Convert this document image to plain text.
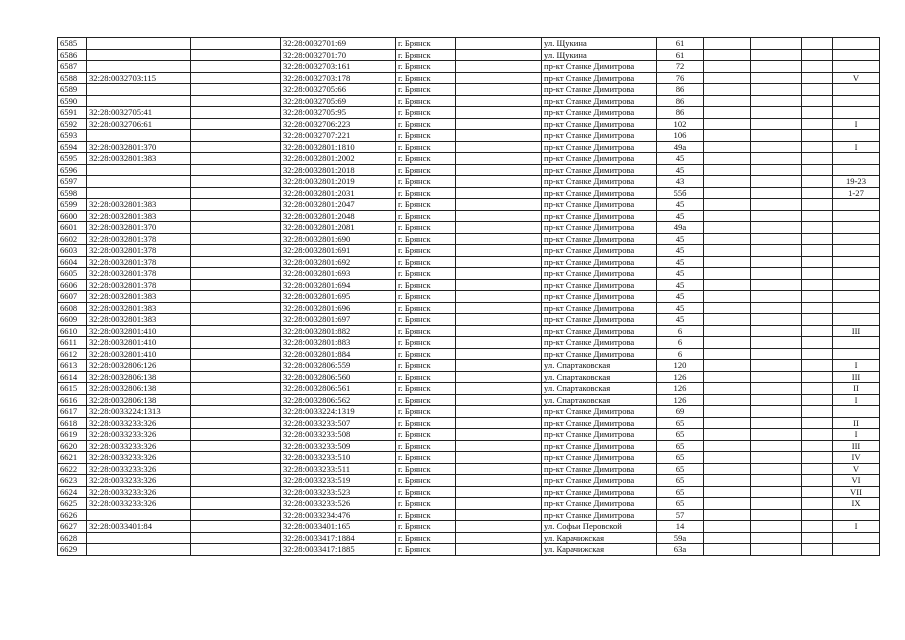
6585			32:28:0032701:69	г. Брянск		ул. Щукина	61				
6586			32:28:0032701:70	г. Брянск		ул. Щукина	61				
6587			32:28:0032703:161	г. Брянск		пр-кт Станке Димитрова	72				
6588	32:28:0032703:115		32:28:0032703:178	г. Брянск		пр-кт Станке Димитрова	76				V
6589			32:28:0032705:66	г. Брянск		пр-кт Станке Димитрова	86				
6590			32:28:0032705:69	г. Брянск		пр-кт Станке Димитрова	86				
6591	32:28:0032705:41		32:28:0032705:95	г. Брянск		пр-кт Станке Димитрова	86				
6592	32:28:0032706:61		32:28:0032706:223	г. Брянск		пр-кт Станке Димитрова	102				I
6593			32:28:0032707:221	г. Брянск		пр-кт Станке Димитрова	106				
6594	32:28:0032801:370		32:28:0032801:1810	г. Брянск		пр-кт Станке Димитрова	49а				I
6595	32:28:0032801:383		32:28:0032801:2002	г. Брянск		пр-кт Станке Димитрова	45				
6596			32:28:0032801:2018	г. Брянск		пр-кт Станке Димитрова	45				
6597			32:28:0032801:2019	г. Брянск		пр-кт Станке Димитрова	43				19-23
6598			32:28:0032801:2031	г. Брянск		пр-кт Станке Димитрова	55б				1-27
6599	32:28:0032801:383		32:28:0032801:2047	г. Брянск		пр-кт Станке Димитрова	45				
6600	32:28:0032801:383		32:28:0032801:2048	г. Брянск		пр-кт Станке Димитрова	45				
6601	32:28:0032801:370		32:28:0032801:2081	г. Брянск		пр-кт Станке Димитрова	49а				
6602	32:28:0032801:378		32:28:0032801:690	г. Брянск		пр-кт Станке Димитрова	45				
6603	32:28:0032801:378		32:28:0032801:691	г. Брянск		пр-кт Станке Димитрова	45				
6604	32:28:0032801:378		32:28:0032801:692	г. Брянск		пр-кт Станке Димитрова	45				
6605	32:28:0032801:378		32:28:0032801:693	г. Брянск		пр-кт Станке Димитрова	45				
6606	32:28:0032801:378		32:28:0032801:694	г. Брянск		пр-кт Станке Димитрова	45				
6607	32:28:0032801:383		32:28:0032801:695	г. Брянск		пр-кт Станке Димитрова	45				
6608	32:28:0032801:383		32:28:0032801:696	г. Брянск		пр-кт Станке Димитрова	45				
6609	32:28:0032801:383		32:28:0032801:697	г. Брянск		пр-кт Станке Димитрова	45				
6610	32:28:0032801:410		32:28:0032801:882	г. Брянск		пр-кт Станке Димитрова	6				III
6611	32:28:0032801:410		32:28:0032801:883	г. Брянск		пр-кт Станке Димитрова	6				
6612	32:28:0032801:410		32:28:0032801:884	г. Брянск		пр-кт Станке Димитрова	6				
6613	32:28:0032806:126		32:28:0032806:559	г. Брянск		ул. Спартаковская	120				I
6614	32:28:0032806:138		32:28:0032806:560	г. Брянск		ул. Спартаковская	126				III
6615	32:28:0032806:138		32:28:0032806:561	г. Брянск		ул. Спартаковская	126				II
6616	32:28:0032806:138		32:28:0032806:562	г. Брянск		ул. Спартаковская	126				I
6617	32:28:0033224:1313		32:28:0033224:1319	г. Брянск		пр-кт Станке Димитрова	69				
6618	32:28:0033233:326		32:28:0033233:507	г. Брянск		пр-кт Станке Димитрова	65				II
6619	32:28:0033233:326		32:28:0033233:508	г. Брянск		пр-кт Станке Димитрова	65				I
6620	32:28:0033233:326		32:28:0033233:509	г. Брянск		пр-кт Станке Димитрова	65				III
6621	32:28:0033233:326		32:28:0033233:510	г. Брянск		пр-кт Станке Димитрова	65				IV
6622	32:28:0033233:326		32:28:0033233:511	г. Брянск		пр-кт Станке Димитрова	65				V
6623	32:28:0033233:326		32:28:0033233:519	г. Брянск		пр-кт Станке Димитрова	65				VI
6624	32:28:0033233:326		32:28:0033233:523	г. Брянск		пр-кт Станке Димитрова	65				VII
6625	32:28:0033233:326		32:28:0033233:526	г. Брянск		пр-кт Станке Димитрова	65				IX
6626			32:28:0033234:476	г. Брянск		пр-кт Станке Димитрова	57				
6627	32:28:0033401:84		32:28:0033401:165	г. Брянск		ул. Софьи Перовской	14				I
6628			32:28:0033417:1884	г. Брянск		ул. Карачижская	59а				
6629			32:28:0033417:1885	г. Брянск		ул. Карачижская	63а				
